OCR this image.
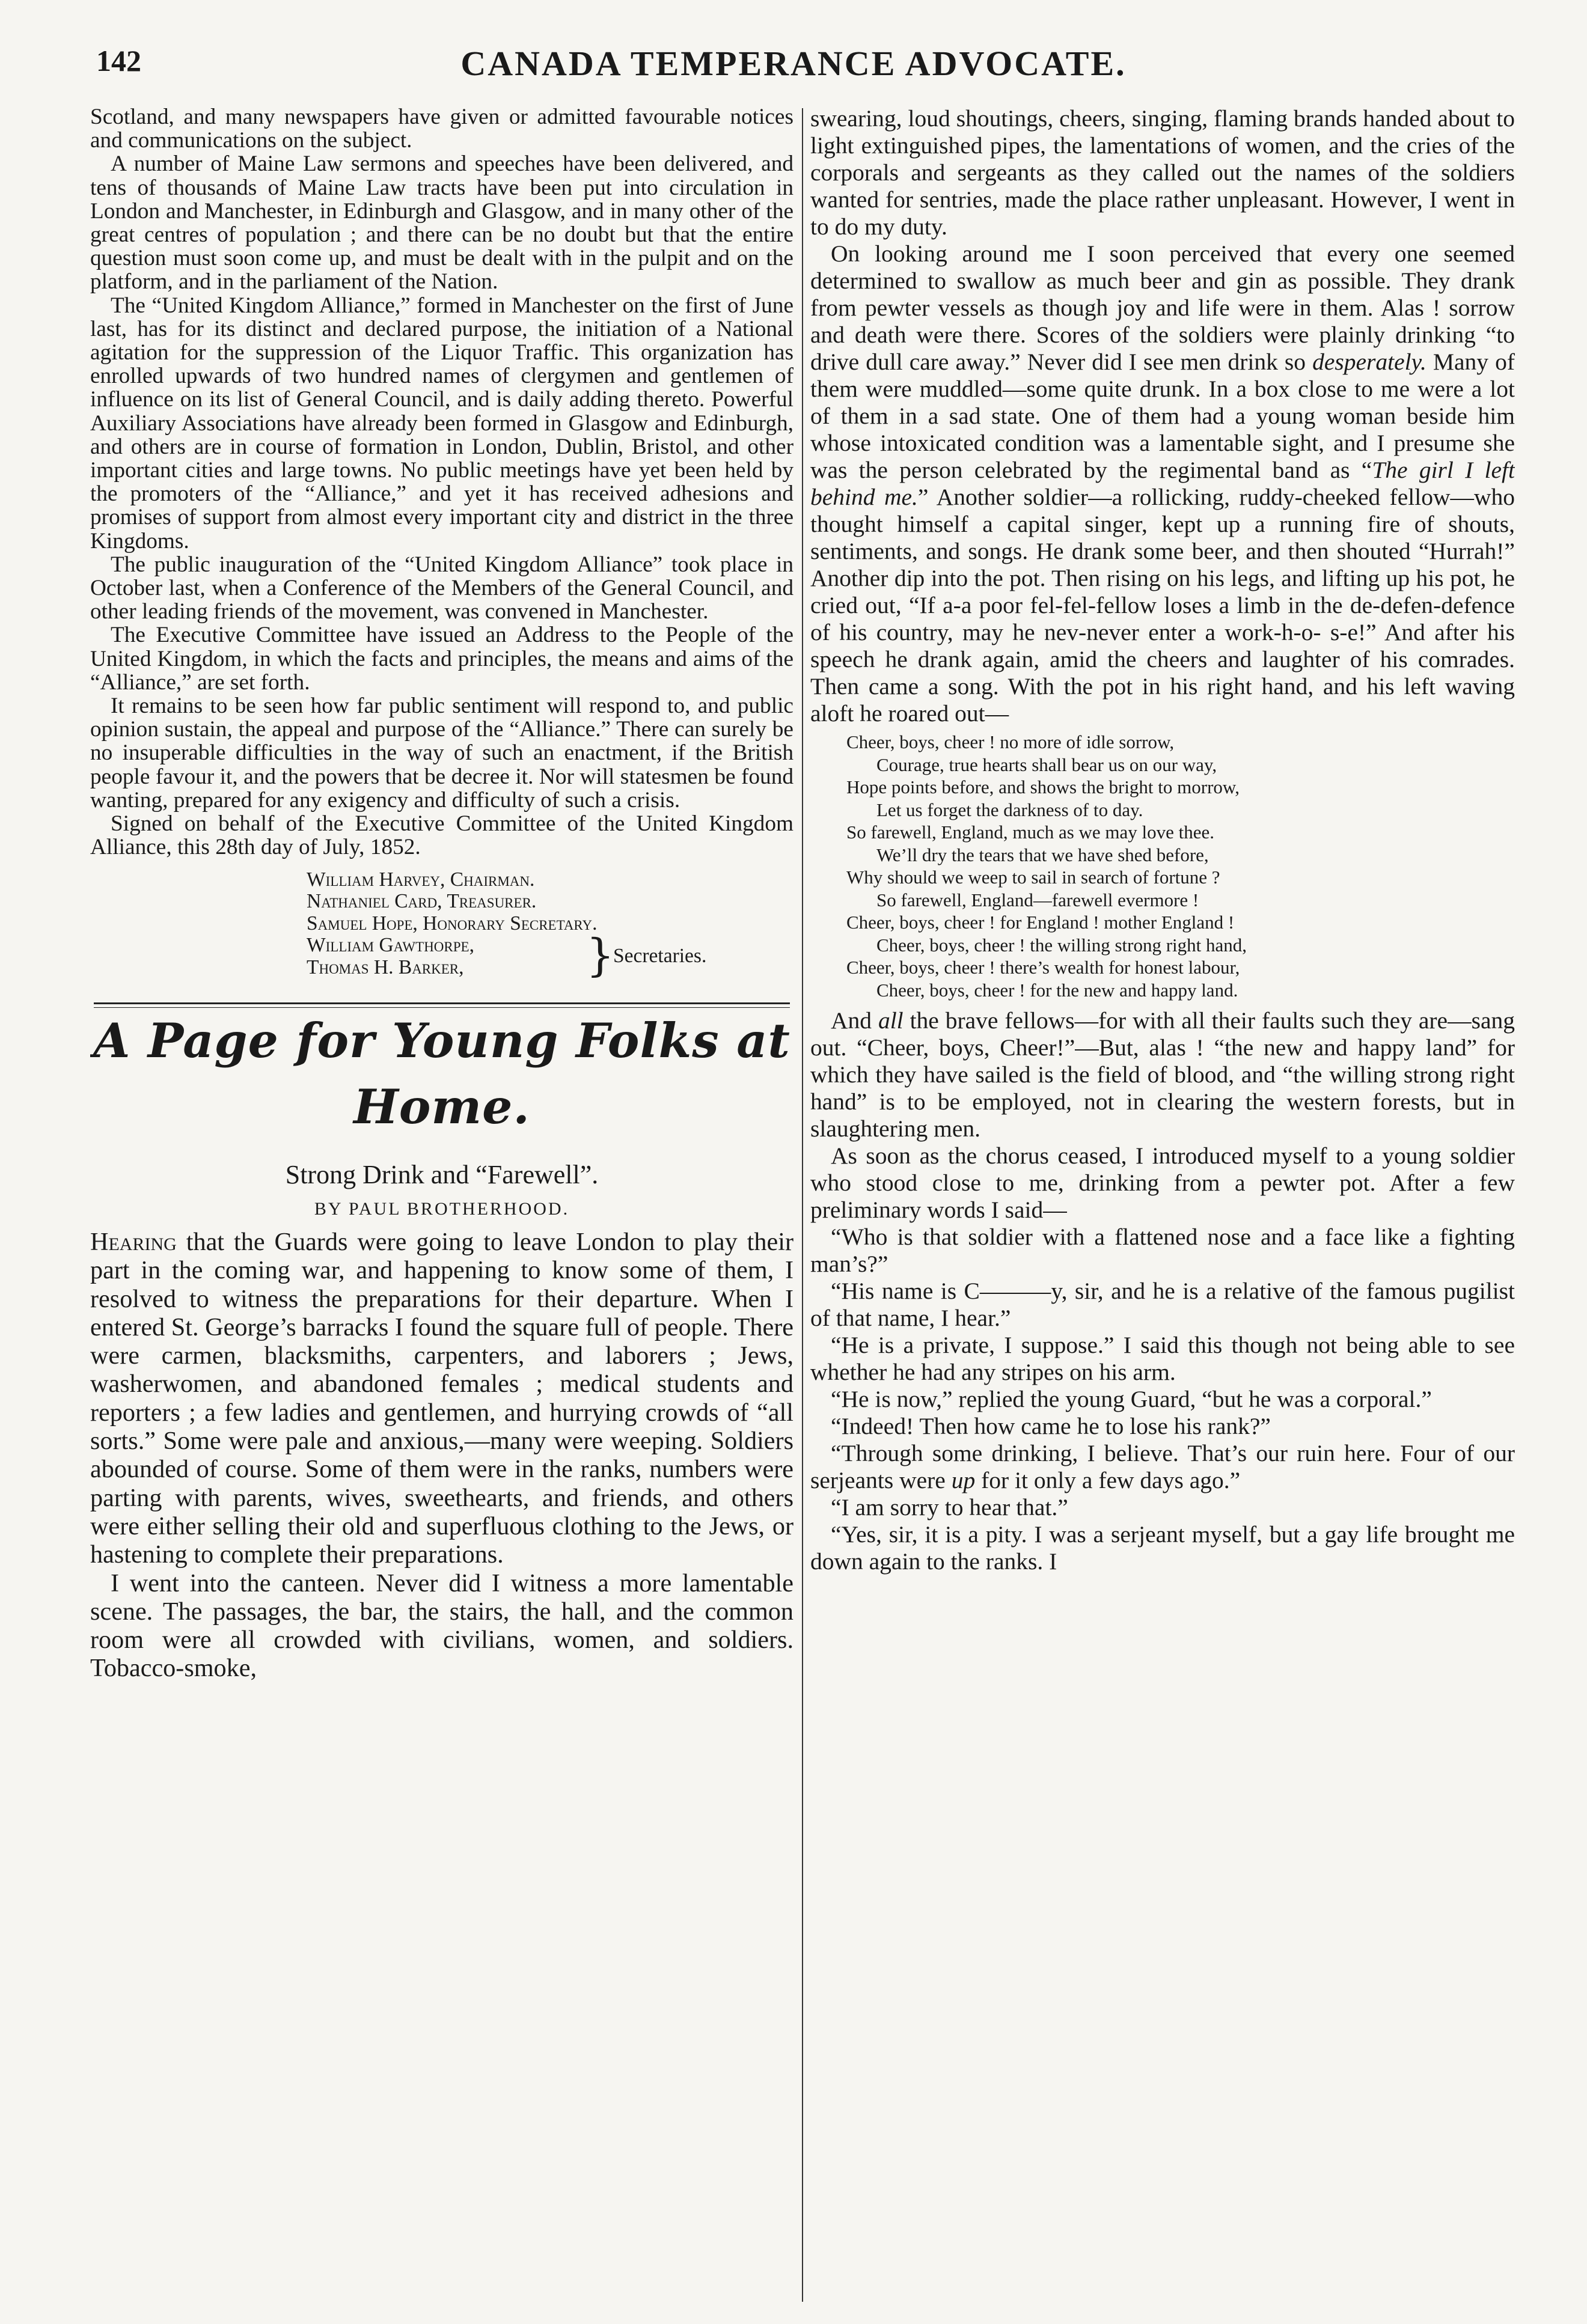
142	CANADA TEMPERANCE ADVOCATE.

Scotland, and many newspapers have given or admitted favourable notices and communications on the subject.

A number of Maine Law sermons and speeches have been delivered, and tens of thousands of Maine Law tracts have been put into circulation in London and Manchester, in Edinburgh and Glasgow, and in many other of the great centres of population ; and there can be no doubt but that the entire question must soon come up, and must be dealt with in the pulpit and on the platform, and in the parliament of the Nation.

The “United Kingdom Alliance,” formed in Manchester on the first of June last, has for its distinct and declared purpose, the initiation of a National agitation for the suppression of the Liquor Traffic. This organization has enrolled upwards of two hundred names of clergymen and gentlemen of influence on its list of General Council, and is daily adding thereto. Powerful Auxiliary Associations have already been formed in Glasgow and Edinburgh, and others are in course of formation in London, Dublin, Bristol, and other important cities and large towns. No public meetings have yet been held by the promoters of the “Alliance,” and yet it has received adhesions and promises of support from almost every important city and district in the three Kingdoms.

The public inauguration of the “United Kingdom Alliance” took place in October last, when a Conference of the Members of the General Council, and other leading friends of the movement, was convened in Manchester.

The Executive Committee have issued an Address to the People of the United Kingdom, in which the facts and principles, the means and aims of the “Alliance,” are set forth.

It remains to be seen how far public sentiment will respond to, and public opinion sustain, the appeal and purpose of the “Alliance.” There can surely be no insuperable difficulties in the way of such an enactment, if the British people favour it, and the powers that be decree it. Nor will statesmen be found wanting, prepared for any exigency and difficulty of such a crisis.

Signed on behalf of the Executive Committee of the United Kingdom Alliance, this 28th day of July, 1852.

William Harvey, Chairman.
Nathaniel Card, Treasurer.
Samuel Hope, Honorary Secretary.
William Gawthorpe,
Thomas H. Barker,	}
Secretaries.
A Page for Young Folks at Home.
Strong Drink and “Farewell”.
BY PAUL BROTHERHOOD.

Hearing that the Guards were going to leave London to play their part in the coming war, and happening to know some of them, I resolved to witness the preparations for their departure. When I entered St. George’s barracks I found the square full of people. There were carmen, blacksmiths, carpenters, and laborers ; Jews, washerwomen, and abandoned females ; medical students and reporters ; a few ladies and gentlemen, and hurrying crowds of “all sorts.” Some were pale and anxious,—many were weeping. Soldiers abounded of course. Some of them were in the ranks, numbers were parting with parents, wives, sweethearts, and friends, and others were either selling their old and superfluous clothing to the Jews, or hastening to complete their preparations.

I went into the canteen. Never did I witness a more lamentable scene. The passages, the bar, the stairs, the hall, and the common room were all crowded with civilians, women, and soldiers. Tobacco-smoke,

swearing, loud shoutings, cheers, singing, flaming brands handed about to light extinguished pipes, the lamentations of women, and the cries of the corporals and sergeants as they called out the names of the soldiers wanted for sentries, made the place rather unpleasant. However, I went in to do my duty.

On looking around me I soon perceived that every one seemed determined to swallow as much beer and gin as possible. They drank from pewter vessels as though joy and life were in them. Alas ! sorrow and death were there. Scores of the soldiers were plainly drinking “to drive dull care away.” Never did I see men drink so desperately. Many of them were muddled—some quite drunk. In a box close to me were a lot of them in a sad state. One of them had a young woman beside him whose intoxicated condition was a lamentable sight, and I presume she was the person celebrated by the regimental band as “The girl I left behind me.” Another soldier—a rollicking, ruddy-cheeked fellow—who thought himself a capital singer, kept up a running fire of shouts, sentiments, and songs. He drank some beer, and then shouted “Hurrah!” Another dip into the pot. Then rising on his legs, and lifting up his pot, he cried out, “If a-a poor fel-fel-fellow loses a limb in the de-defen-defence of his country, may he nev-never enter a work-h-o- s-e!” And after his speech he drank again, amid the cheers and laughter of his comrades. Then came a song. With the pot in his right hand, and his left waving aloft he roared out—

Cheer, boys, cheer ! no more of idle sorrow,
Courage, true hearts shall bear us on our way,
Hope points before, and shows the bright to morrow,
Let us forget the darkness of to day.
So farewell, England, much as we may love thee.
We’ll dry the tears that we have shed before,
Why should we weep to sail in search of fortune ?
So farewell, England—farewell evermore !
Cheer, boys, cheer ! for England ! mother England !
Cheer, boys, cheer ! the willing strong right hand,
Cheer, boys, cheer ! there’s wealth for honest labour,
Cheer, boys, cheer ! for the new and happy land.

And all the brave fellows—for with all their faults such they are—sang out. “Cheer, boys, Cheer!”—But, alas ! “the new and happy land” for which they have sailed is the field of blood, and “the willing strong right hand” is to be employed, not in clearing the western forests, but in slaughtering men.

As soon as the chorus ceased, I introduced myself to a young soldier who stood close to me, drinking from a pewter pot. After a few preliminary words I said—

“Who is that soldier with a flattened nose and a face like a fighting man’s?”

“His name is C———y, sir, and he is a relative of the famous pugilist of that name, I hear.”

“He is a private, I suppose.” I said this though not being able to see whether he had any stripes on his arm.

“He is now,” replied the young Guard, “but he was a corporal.”

“Indeed! Then how came he to lose his rank?”

“Through some drinking, I believe. That’s our ruin here. Four of our serjeants were up for it only a few days ago.”

“I am sorry to hear that.”

“Yes, sir, it is a pity. I was a serjeant myself, but a gay life brought me down again to the ranks. I
